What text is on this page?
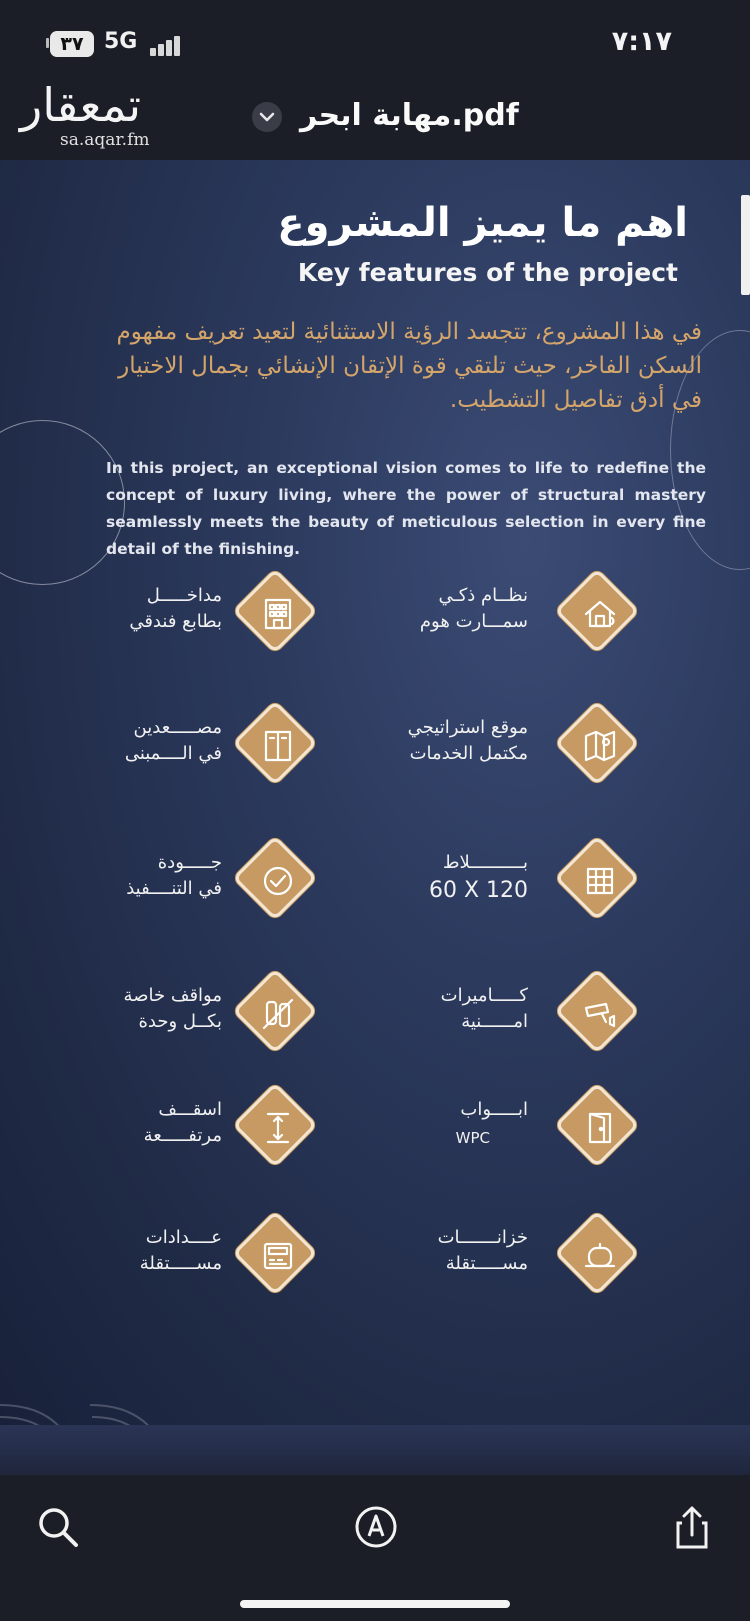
٣٧ 5G	٧:١٧
تمعقار
sa.aqar.fm
مهابة ابحر.pdf
اهم ما يميز المشروع
Key features of the project
في هذا المشروع، تتجسد الرؤية الاستثنائية لتعيد تعريف مفهوم السكن الفاخر، حيث تلتقي قوة الإتقان الإنشائي بجمال الاختيار في أدق تفاصيل التشطيب.
In this project, an exceptional vision comes to life to redefine the concept of luxury living, where the power of structural mastery seamlessly meets the beauty of meticulous selection in every fine detail of the finishing.
نظــام ذكـي
سمـــارت هوم
مداخـــــل
بطابع فندقي
موقع استراتيجي
مكتمل الخدمات
مصـــــعدين
في الــــمبنى
بــــــــــلاط
60 X 120
جـــــودة
في التنــــفيذ
كـــــاميرات
امــــــنية
مواقف خاصة
بكــل وحدة
ابـــــواب
WPC
اسقـــف
مرتفـــــعة
خزانـــــــات
مســـــتقلة
عــــدادات
مســـــتقلة
